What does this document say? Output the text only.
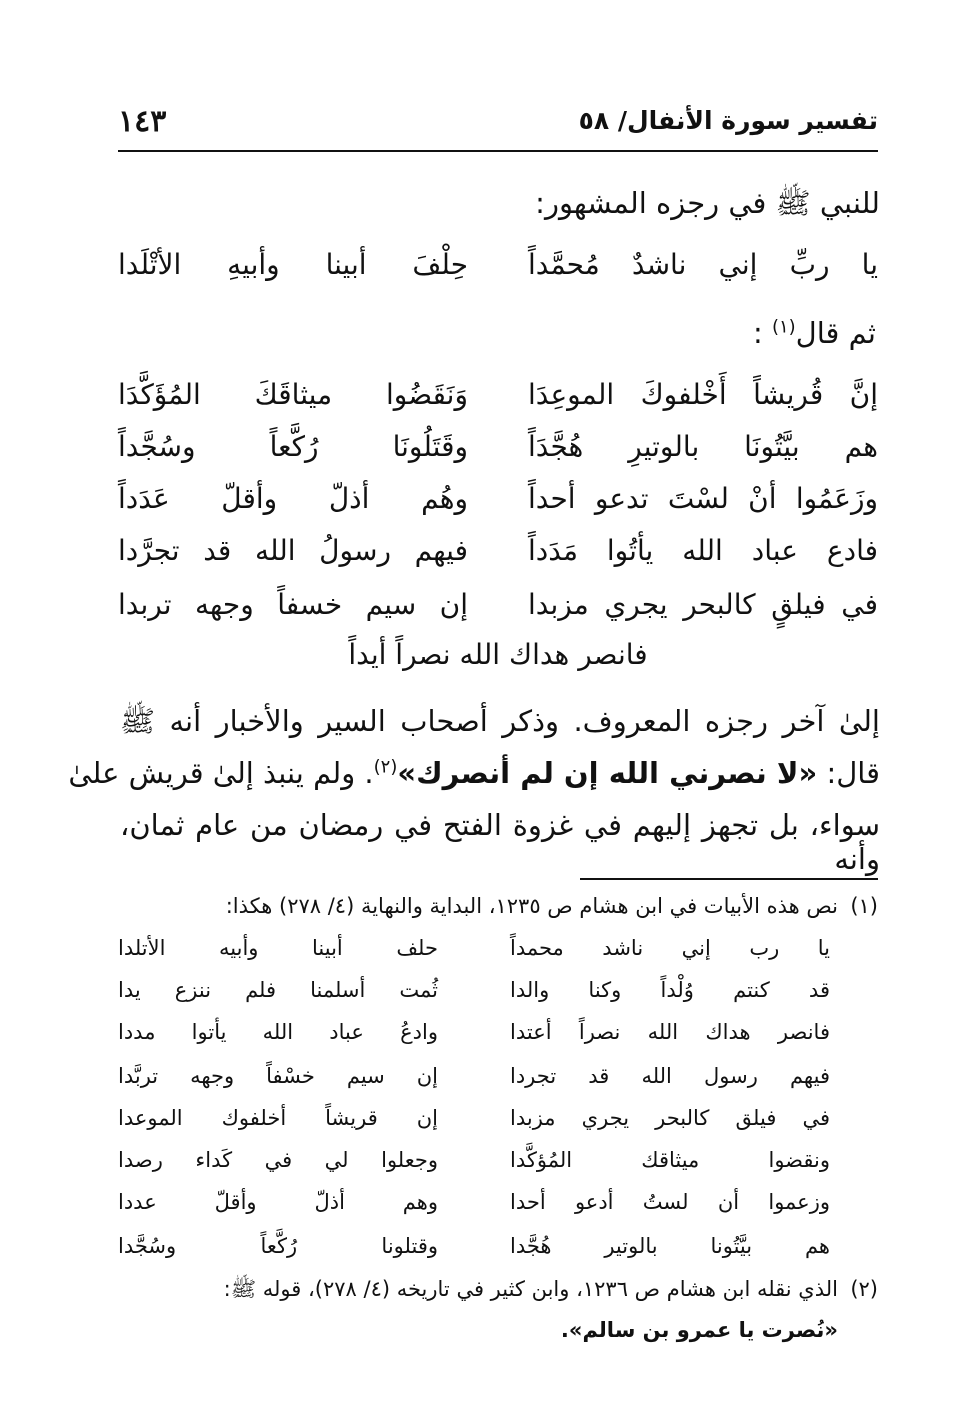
١٤٣	تفسير سورة الأنفال/ ٥٨
للنبي ﷺ في رجزه المشهور:
يا ربِّ إني ناشدٌ مُحمَّداً
حِلْفَ أبينا وأبيهِ الأتْلَدا
ثم قال$^{(١)}$ :
إنَّ قُريشاً أَخْلفوكَ الموعِدَا
وَنَقَضُوا ميثاقَكَ المُؤَكَّدَا
هم بيَّتُونَا بالوتيرِ هُجَّدَاً
وقَتَلُونَا رُكَّعاً وسُجَّداً
وزَعَمُوا أنْ لسْتَ تدعو أحداً
وهُم أذلّ وأقلّ عَدَداً
فادع عباد الله يأتُوا مَدَداً
فيهم رسولُ الله قد تجرَّدا
في فيلقٍ كالبحر يجري مزبدا
إن سيم خسفاً وجهه تربدا
فانصر هداك الله نصراً أيداً
إلىٰ آخر رجزه المعروف. وذكر أصحاب السير والأخبار أنه ﷺ
قال: «لا نصرني الله إن لم أنصرك»$^{(٢)}$. ولم ينبذ إلىٰ قريش علىٰ
سواء، بل تجهز إليهم في غزوة الفتح في رمضان من عام ثمان، وأنه
(١)نص هذه الأبيات في ابن هشام ص ١٢٣٥، البداية والنهاية (٤/ ٢٧٨) هكذا:
يا رب إني ناشد محمداً
حلف أبينا وأبيه الأتلدا
قد كنتم وُلْداً وكنا والدا
ثُمت أسلمنا فلم ننزع يدا
فانصر هداك الله نصراً أعتدا
وادعُ عباد الله يأتوا مددا
فيهم رسول الله قد تجردا
إن سيم خسْفاً وجهه تربَّدا
في فيلق كالبحر يجري مزبدا
إن قريشاً أخلفوك الموعدا
ونقضوا ميثاقك المُؤكَّدا
وجعلوا لي في كَداء رصدا
وزعموا أن لستُ أدعو أحدا
وهم أذلّ وأقلّ عددا
هم بيَّتُونا بالوتير هُجَّدا
وقتلونا رُكَّعاً وسُجَّدا
(٢)الذي نقله ابن هشام ص ١٢٣٦، وابن كثير في تاريخه (٤/ ٢٧٨)، قوله ﷺ:
«نُصرت يا عمرو بن سالم».
